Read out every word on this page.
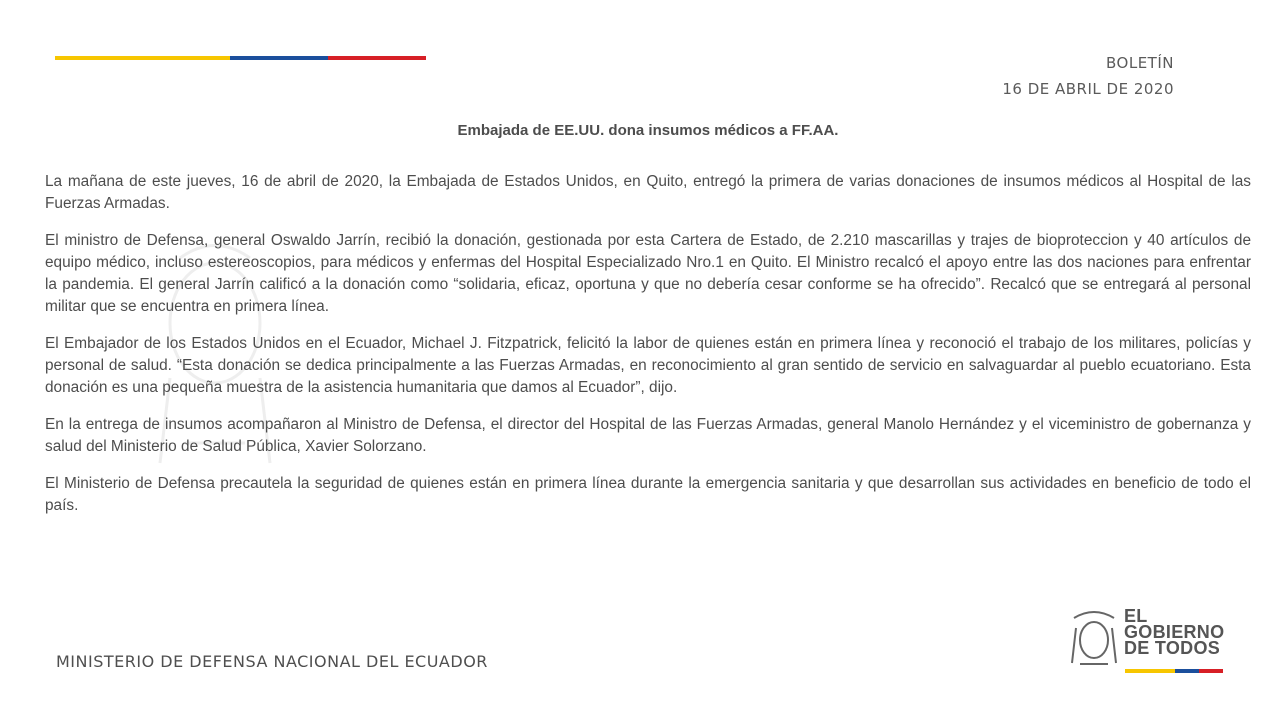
BOLETÍN
16 DE ABRIL DE 2020
Embajada de EE.UU. dona insumos médicos a FF.AA.

La mañana de este jueves, 16 de abril de 2020, la Embajada de Estados Unidos, en Quito, entregó la primera de varias donaciones de insumos médicos al Hospital de las Fuerzas Armadas.

El ministro de Defensa, general Oswaldo Jarrín, recibió la donación, gestionada por esta Cartera de Estado, de 2.210 mascarillas y trajes de bioproteccion y 40 artículos de equipo médico, incluso estereoscopios, para médicos y enfermas del Hospital Especializado Nro.1 en Quito. El Ministro recalcó el apoyo entre las dos naciones para enfrentar la pandemia. El general Jarrín calificó a la donación como “solidaria, eficaz, oportuna y que no debería cesar conforme se ha ofrecido”. Recalcó que se entregará al personal militar que se encuentra en primera línea.

El Embajador de los Estados Unidos en el Ecuador, Michael J. Fitzpatrick, felicitó la labor de quienes están en primera línea y reconoció el trabajo de los militares, policías y personal de salud. “Esta donación se dedica principalmente a las Fuerzas Armadas, en reconocimiento al gran sentido de servicio en salvaguardar al pueblo ecuatoriano. Esta donación es una pequeña muestra de la asistencia humanitaria que damos al Ecuador”, dijo.

En la entrega de insumos acompañaron al Ministro de Defensa, el director del Hospital de las Fuerzas Armadas, general Manolo Hernández y el viceministro de gobernanza y salud del Ministerio de Salud Pública, Xavier Solorzano.

El Ministerio de Defensa precautela la seguridad de quienes están en primera línea durante la emergencia sanitaria y que desarrollan sus actividades en beneficio de todo el país.

MINISTERIO DE DEFENSA NACIONAL DEL ECUADOR
EL
GOBIERNO
DE TODOS
